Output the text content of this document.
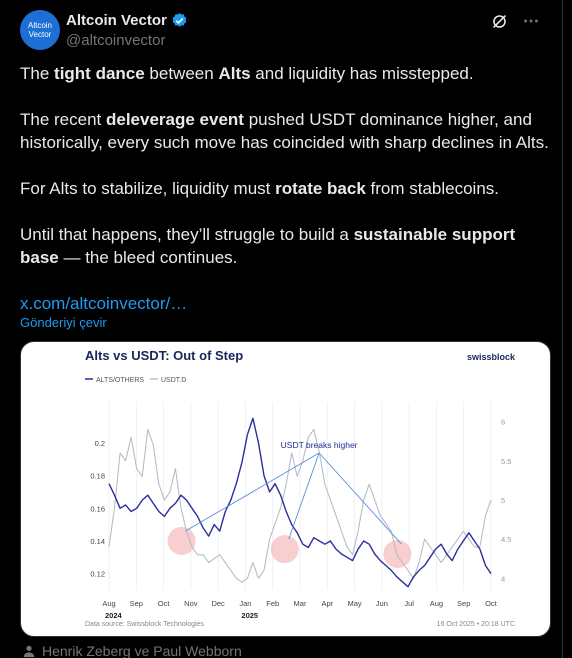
Altcoin
Vector
Altcoin Vector
@altcoinvector

The tight dance between Alts and liquidity has misstepped.

The recent deleverage event pushed USDT dominance higher, and historically, every such move has coincided with sharp declines in Alts.

For Alts to stabilize, liquidity must rotate back from stablecoins.

Until that happens, they’ll struggle to build a sustainable support base — the bleed continues.

x.com/altcoinvector/…

Gönderiyi çevir
Alts vs USDT: Out of Step	swissblock
ALTS/OTHERS USDT.D
Aug Sep Oct Nov Dec Jan Feb Mar Apr May Jun Jul Aug Sep Oct
2024	2025
0.2
0.18
0.16
0.14
0.12
6
5.5
5
4.5
4
USDT breaks higher
Data source: Swissblock Technologies	16 Oct 2025 • 20:18 UTC
Henrik Zeberg ve Paul Webborn
